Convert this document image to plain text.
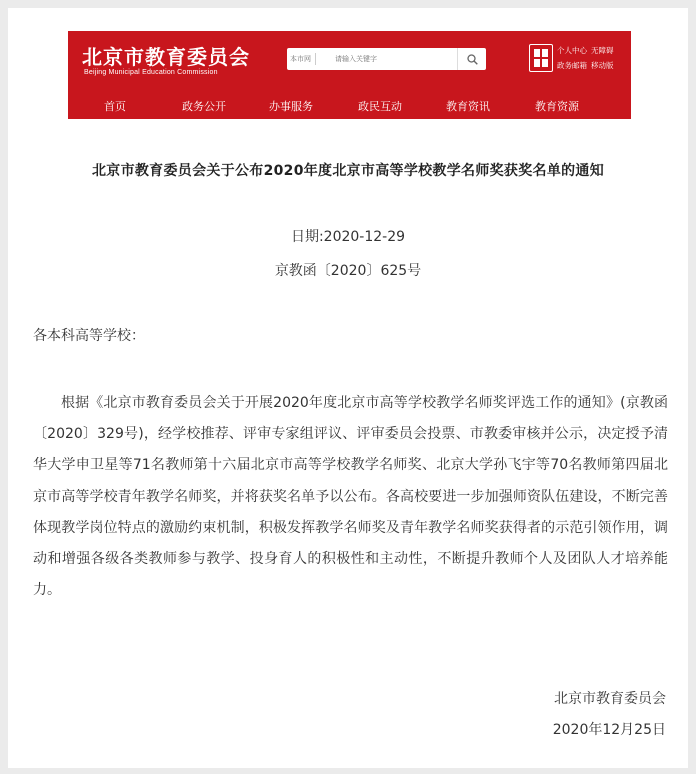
北京市教育委员会
Beijing Municipal Education Commission
本市网
请输入关键字
个人中心 无障碍
政务邮箱 移动版
首页	政务公开	办事服务	政民互动	教育资讯	教育资源
北京市教育委员会关于公布2020年度北京市高等学校教学名师奖获奖名单的通知
日期:2020-12-29
京教函〔2020〕625号
各本科高等学校：
根据《北京市教育委员会关于开展2020年度北京市高等学校教学名师奖评选工作的通知》(京教函〔2020〕329号)，经学校推荐、评审专家组评议、评审委员会投票、市教委审核并公示，决定授予清华大学申卫星等71名教师第十六届北京市高等学校教学名师奖、北京大学孙飞宇等70名教师第四届北京市高等学校青年教学名师奖，并将获奖名单予以公布。各高校要进一步加强师资队伍建设，不断完善体现教学岗位特点的激励约束机制，积极发挥教学名师奖及青年教学名师奖获得者的示范引领作用，调动和增强各级各类教师参与教学、投身育人的积极性和主动性，不断提升教师个人及团队人才培养能力。
北京市教育委员会
2020年12月25日
